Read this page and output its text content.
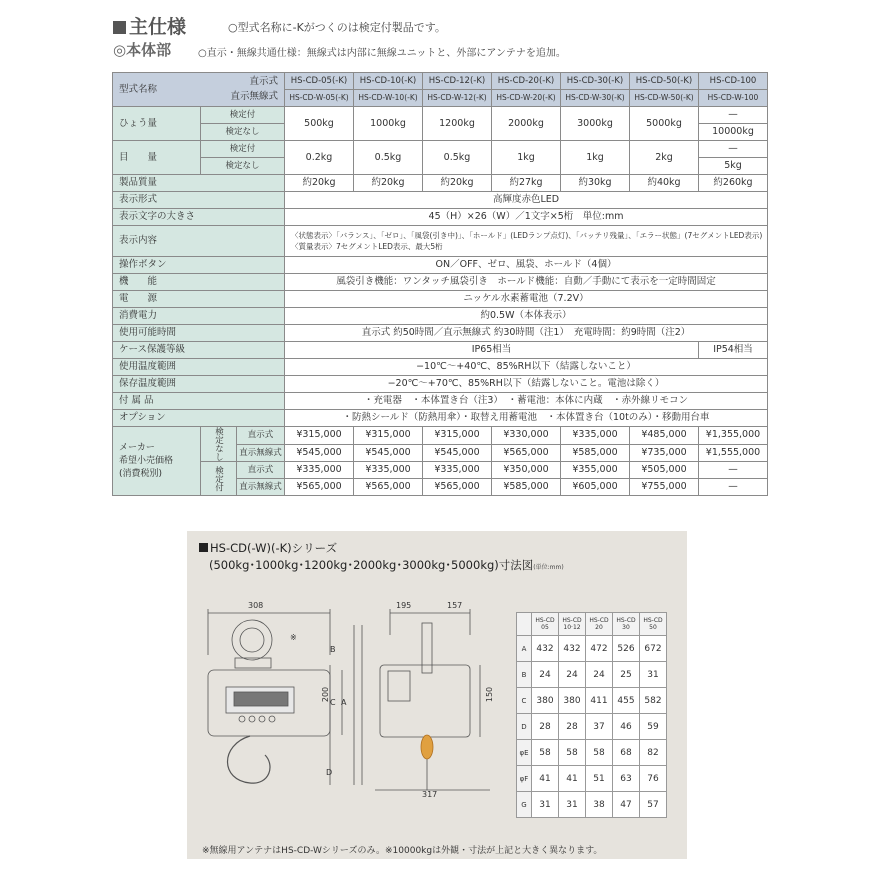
主仕様	○型式名称に-Kがつくのは検定付製品です。
◎本体部	○直示・無線共通仕様：無線式は内部に無線ユニットと、外部にアンテナを追加。
直示式
直示無線式
型式名称			HS-CD-05(-K)	HS-CD-10(-K)	HS-CD-12(-K)	HS-CD-20(-K)	HS-CD-30(-K)	HS-CD-50(-K)	HS-CD-100
			HS-CD-W-05(-K)	HS-CD-W-10(-K)	HS-CD-W-12(-K)	HS-CD-W-20(-K)	HS-CD-W-30(-K)	HS-CD-W-50(-K)	HS-CD-W-100
ひょう量	検定付		500kg	1000kg	1200kg	2000kg	3000kg	5000kg	—
	検定なし								10000kg
目　　量	検定付		0.2kg	0.5kg	0.5kg	1kg	1kg	2kg	—
	検定なし								5kg
製品質量			約20kg	約20kg	約20kg	約27kg	約30kg	約40kg	約260kg
表示形式			高輝度赤色LED						
表示文字の大きさ			45（H）×26（W）／1文字×5桁　単位:mm						
表示内容			〈状態表示〉「バランス」、「ゼロ」、「風袋(引き中)」、「ホールド」(LEDランプ点灯)、「バッテリ残量」、「エラー状態」(7セグメントLED表示)
〈質量表示〉7セグメントLED表示、最大5桁						

操作ボタン			ON／OFF、ゼロ、風袋、ホールド（4個）						
機　　能			風袋引き機能：ワンタッチ風袋引き　ホールド機能：自動／手動にて表示を一定時間固定						
電　　源			ニッケル水素蓄電池（7.2V）						
消費電力			約0.5W（本体表示）						
使用可能時間			直示式 約50時間／直示無線式 約30時間（注1）　充電時間：約9時間（注2）						
ケース保護等級			IP65相当						IP54相当
使用温度範囲			−10℃〜+40℃、85%RH以下（結露しないこと）						
保存温度範囲			−20℃〜+70℃、85%RH以下（結露しないこと。電池は除く）						
付 属 品			・充電器　・本体置き台（注3）　・蓄電池：本体に内蔵　・赤外線リモコン						
オプション			・防熱シールド（防熱用傘）・取替え用蓄電池　・本体置き台（10tのみ）・移動用台車						

メーカー
希望小売価格
(消費税別)	検定なし	直示式	¥315,000	¥315,000	¥315,000	¥330,000	¥335,000	¥485,000	¥1,355,000
		直示無線式	¥545,000	¥545,000	¥545,000	¥565,000	¥585,000	¥735,000	¥1,555,000

	検定付	直示式	¥335,000	¥335,000	¥335,000	¥350,000	¥355,000	¥505,000	—
		直示無線式	¥565,000	¥565,000	¥565,000	¥585,000	¥605,000	¥755,000	—
HS-CD(-W)(-K)シリーズ
(500kg･1000kg･1200kg･2000kg･3000kg･5000kg)寸法図(単位:mm)
308	195	157
317
200	150
C A
B
D
※
	HS-CD 05	HS-CD 10·12	HS-CD 20	HS-CD 30	HS-CD 50
A	432	432	472	526	672
B	24	24	24	25	31
C	380	380	411	455	582
D	28	28	37	46	59
φE	58	58	58	68	82
φF	41	41	51	63	76
G	31	31	38	47	57
※無線用アンテナはHS-CD-Wシリーズのみ。※10000kgは外観・寸法が上記と大きく異なります。
